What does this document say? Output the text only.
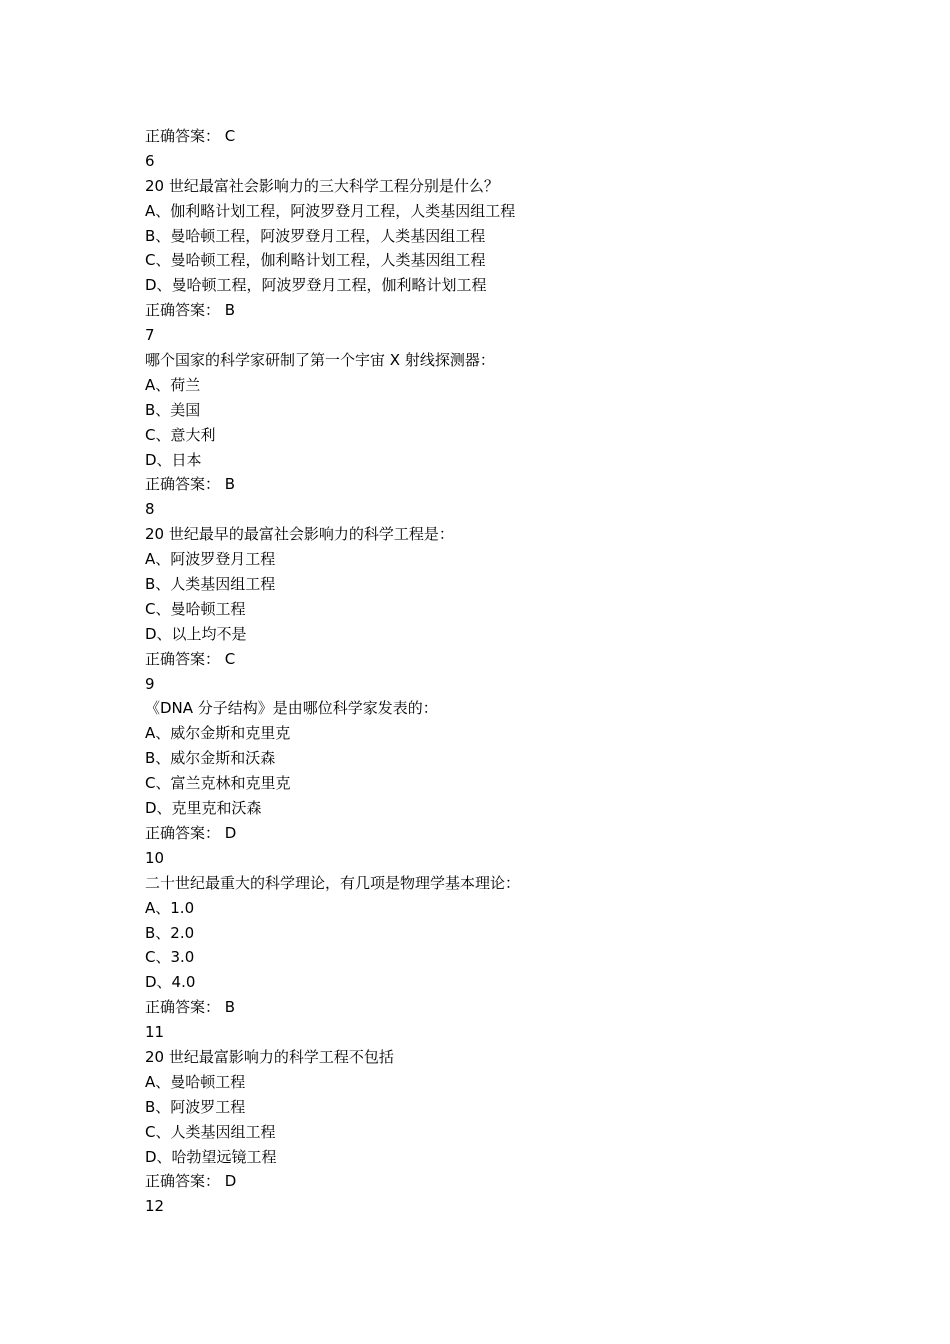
正确答案： C
6
20 世纪最富社会影响力的三大科学工程分别是什么？
A、伽利略计划工程，阿波罗登月工程，人类基因组工程
B、曼哈顿工程，阿波罗登月工程，人类基因组工程
C、曼哈顿工程，伽利略计划工程，人类基因组工程
D、曼哈顿工程，阿波罗登月工程，伽利略计划工程
正确答案： B
7
哪个国家的科学家研制了第一个宇宙 X 射线探测器：
A、荷兰
B、美国
C、意大利
D、日本
正确答案： B
8
20 世纪最早的最富社会影响力的科学工程是：
A、阿波罗登月工程
B、人类基因组工程
C、曼哈顿工程
D、以上均不是
正确答案： C
9
《DNA 分子结构》是由哪位科学家发表的：
A、威尔金斯和克里克
B、威尔金斯和沃森
C、富兰克林和克里克
D、克里克和沃森
正确答案： D
10
二十世纪最重大的科学理论，有几项是物理学基本理论：
A、1.0
B、2.0
C、3.0
D、4.0
正确答案： B
11
20 世纪最富影响力的科学工程不包括
A、曼哈顿工程
B、阿波罗工程
C、人类基因组工程
D、哈勃望远镜工程
正确答案： D
12
